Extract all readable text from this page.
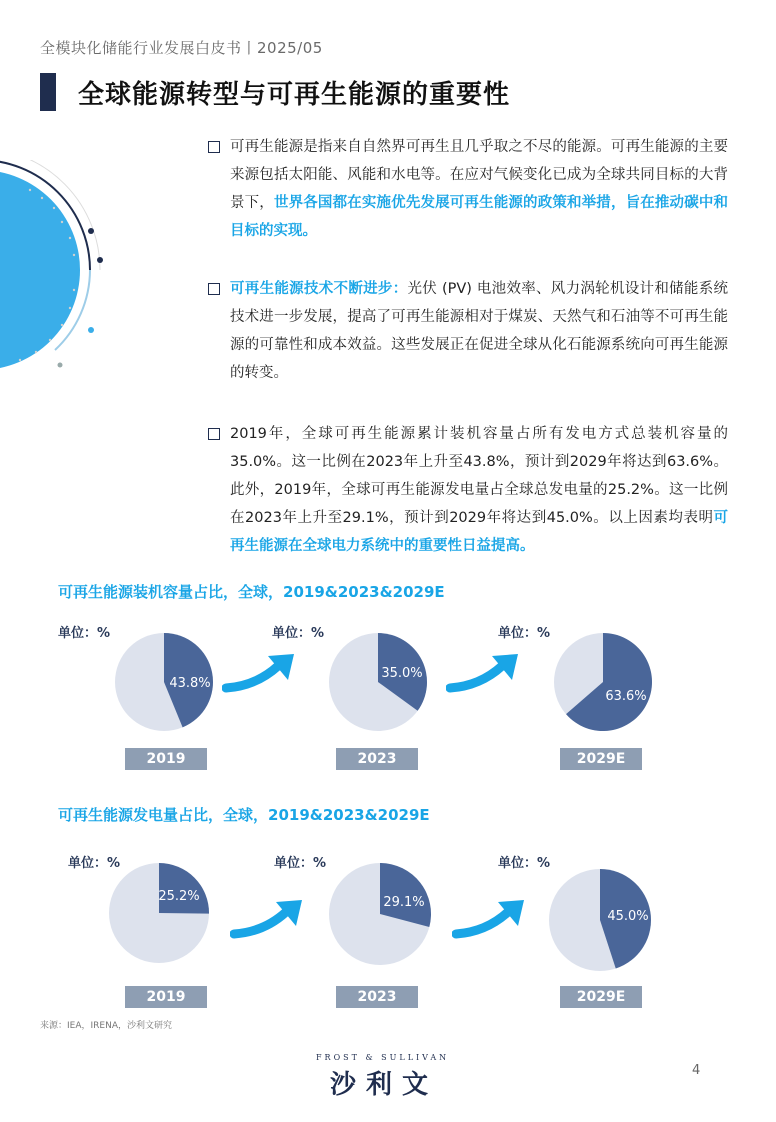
全模块化储能行业发展白皮书丨2025/05
全球能源转型与可再生能源的重要性
可再生能源是指来自自然界可再生且几乎取之不尽的能源。可再生能源的主要来源包括太阳能、风能和水电等。在应对气候变化已成为全球共同目标的大背景下，世界各国都在实施优先发展可再生能源的政策和举措，旨在推动碳中和目标的实现。
可再生能源技术不断进步：光伏 (PV) 电池效率、风力涡轮机设计和储能系统技术进一步发展，提高了可再生能源相对于煤炭、天然气和石油等不可再生能源的可靠性和成本效益。这些发展正在促进全球从化石能源系统向可再生能源的转变。
2019年，全球可再生能源累计装机容量占所有发电方式总装机容量的35.0%。这一比例在2023年上升至43.8%，预计到2029年将达到63.6%。此外，2019年，全球可再生能源发电量占全球总发电量的25.2%。这一比例在2023年上升至29.1%，预计到2029年将达到45.0%。以上因素均表明可再生能源在全球电力系统中的重要性日益提高。
可再生能源装机容量占比，全球，2019&2023&2029E
单位：%	单位：%	单位：%
43.8%
35.0%
63.6%
2019	2023	2029E
可再生能源发电量占比，全球，2019&2023&2029E
单位：%	单位：%	单位：%
25.2%	29.1%
45.0%
2019	2023	2029E
来源：IEA，IRENA，沙利文研究
FROST & SULLIVAN
沙利文	4
